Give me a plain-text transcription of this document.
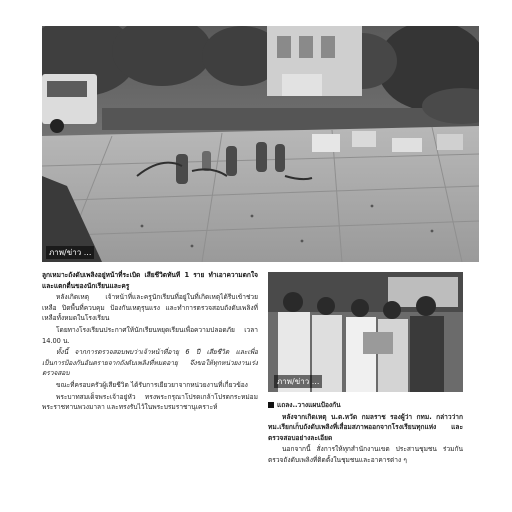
ภาพ/ข่าว ...

ลูกเหมาะถังดับเพลิงอยู่หน้าที่ระเบิด เสียชีวิตทันที 1 ราย ทำเอาความตกใจและแตกตื่นของนักเรียนและครู

หลังเกิดเหตุ เจ้าหน้าที่และครูนักเรียนที่อยู่ในที่เกิดเหตุได้รีบเข้าช่วยเหลือ ปิดพื้นที่ควบคุม ป้องกันเหตุรุนแรง และทำการตรวจสอบถังดับเพลิงที่เหลือทั้งหมดในโรงเรียน

โดยทางโรงเรียนประกาศให้นักเรียนหยุดเรียนเพื่อความปลอดภัย เวลา 14.00 น.

ทั้งนี้ จากการตรวจสอบพบว่าเจ้าหน้าที่อายุ 6 ปี เสียชีวิต และเพื่อเป็นการป้องกันอันตรายจากถังดับเพลิงที่หมดอายุ จึงขอให้ทุกหน่วยงานเร่งตรวจสอบ

ขณะที่ครอบครัวผู้เสียชีวิต ได้รับการเยียวยาจากหน่วยงานที่เกี่ยวข้อง

พระบาทสมเด็จพระเจ้าอยู่หัว ทรงพระกรุณาโปรดเกล้าโปรดกระหม่อม พระราชทานพวงมาลา และทรงรับไว้ในพระบรมราชานุเคราะห์

ภาพ/ข่าว ...
แถลง..วางแผนป้องกัน

หลังจากเกิดเหตุ น.ต.หวัด กมลราช รองผู้ว่า กทม. กล่าวว่ากทม.เรียกเก็บถังดับเพลิงที่เสื่อมสภาพออกจากโรงเรียนทุกแห่ง และตรวจสอบอย่างละเอียด

นอกจากนี้ สั่งการให้ทุกสำนักงานเขต ประสานชุมชน ร่วมกันตรวจถังดับเพลิงที่ติดตั้งในชุมชนและอาคารต่าง ๆ
